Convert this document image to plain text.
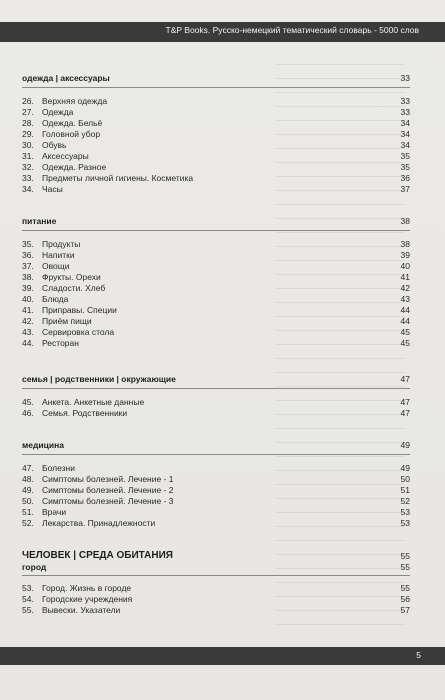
T&P Books. Русско-немецкий тематический словарь - 5000 слов
одежда | аксессуары	33
26. Верхняя одежда	33
27. Одежда	33
28. Одежда. Бельё	34
29. Головной убор	34
30. Обувь	34
31. Аксессуары	35
32. Одежда. Разное	35
33. Предметы личной гигиены. Косметика	36
34. Часы	37
питание	38
35. Продукты	38
36. Напитки	39
37. Овощи	40
38. Фрукты. Орехи	41
39. Сладости. Хлеб	42
40. Блюда	43
41. Приправы. Специи	44
42. Приём пищи	44
43. Сервировка стола	45
44. Ресторан	45
семья | родственники | окружающие	47
45. Анкета. Анкетные данные	47
46. Семья. Родственники	47
медицина	49
47. Болезни	49
48. Симптомы болезней. Лечение - 1	50
49. Симптомы болезней. Лечение - 2	51
50. Симптомы болезней. Лечение - 3	52
51. Врачи	53
52. Лекарства. Принадлежности	53
ЧЕЛОВЕК | СРЕДА ОБИТАНИЯ	55
город	55
53. Город. Жизнь в городе	55
54. Городские учреждения	56
55. Вывески. Указатели	57
5
